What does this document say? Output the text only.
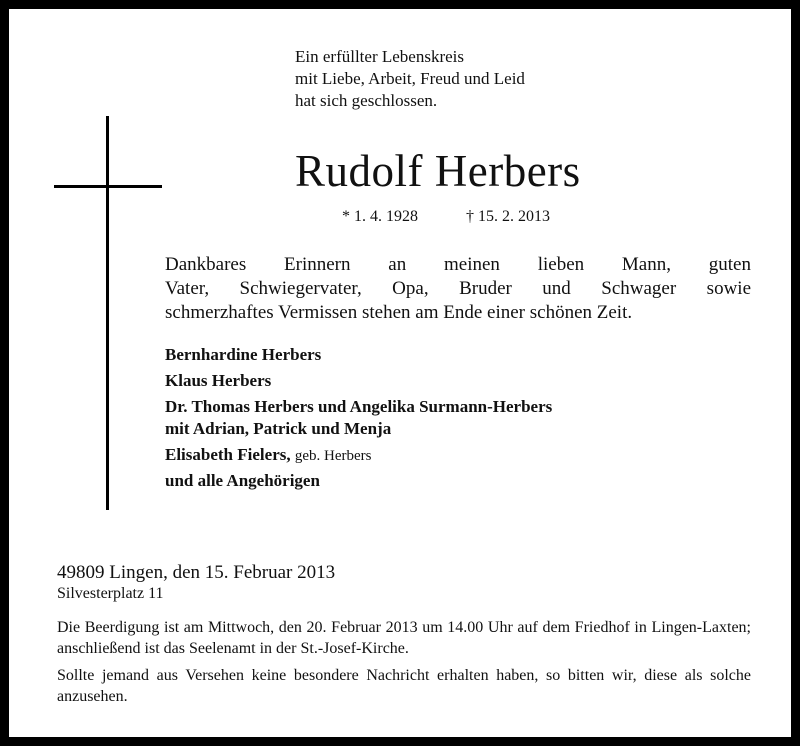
Ein erfüllter Lebenskreis
mit Liebe, Arbeit, Freud und Leid
hat sich geschlossen.
Rudolf Herbers
* 1. 4. 1928	† 15. 2. 2013

Dankbares Erinnern an meinen lieben Mann, guten

Vater, Schwiegervater, Opa, Bruder und Schwager sowie

schmerzhaftes Vermissen stehen am Ende einer schönen Zeit.

Bernhardine Herbers
Klaus Herbers
Dr. Thomas Herbers und Angelika Surmann-Herbers
mit Adrian, Patrick und Menja
Elisabeth Fielers, geb. Herbers
und alle Angehörigen
49809 Lingen, den 15. Februar 2013
Silvesterplatz 11

Die Beerdigung ist am Mittwoch, den 20. Februar 2013 um 14.00 Uhr auf dem Friedhof in Lingen-Laxten; anschließend ist das Seelenamt in der St.-Josef-Kirche.

Sollte jemand aus Versehen keine besondere Nachricht erhalten haben, so bitten wir, diese als solche anzusehen.
